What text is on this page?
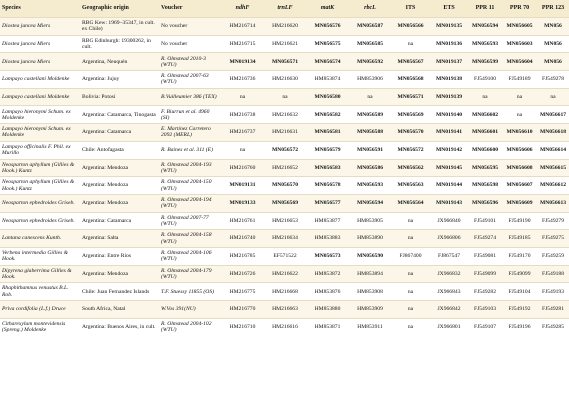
Species	Geographic origin	Voucher	ndhF	trnLF	matK	rbcL	ITS	ETS	PPR 11	PPR 70	PPR 123
Diostea juncea Miers	RBG Kew: 1969–35347, in cult. ex Chile)	No voucher	HM216714	HM216620	MN056576	MN056587	MN056566	MN019135	MN056594	MN056605	MN056
Diostea juncea Miers	RBG Edinburgh: 19300262, in cult.	No voucher	HM216715	HM216621	MN056575	MN056585	na	MN019136	MN056593	MN056603	MN056
Diostea juncea Miers	Argentina, Neuquén	R. Olmstead 2010-3 (WTU)	MN019134	MN056571	MN056574	MN056592	MN056567	MN019137	MN056599	MN056604	MN056
Lampayo castellani Moldenke	Argentina: Jujuy	R. Olmstead 2007-63 (WTU)	HM216736	HM216630	HM853874	HM853906	MN056568	MN019138	FJ549100	FJ549189	FJ549278
Lampayo castellani Moldenke	Bolivia: Potosí	B.Vuilleumier 386 (TEX)	na	na	MN056580	na	MN056571	MN019139	na	na	na
Lampayo hieronymi Schum. ex Moldenke	Argentina: Catamarca, Tinogasta	F. Biurrun et al. 4960 (SI)	HM216738	HM216632	MN056582	MN056589	MN056569	MN019140	MN056602	na	MN056617
Lampayo hieronymi Schum. ex Moldenke	Argentina: Catamarca	E. Martínez Carretero 2092 (MERL)	HM216737	HM216631	MN056581	MN056588	MN056570	MN019141	MN056601	MN056610	MN056618
Lampayo officinalis F. Phil. ex Murillo	Chile: Antofagasta	R. Baines et al. 311 (E)	na	MN056572	MN056579	MN056591	MN056572	MN019142	MN056600	MN056606	MN056614
Neosparton aphyllum (Gillies & Hook.) Kuntz	Argentina: Mendoza	R. Olmstead 2004-193 (WTU)	HM216760	HM216652	MN056583	MN056586	MN056562	MN019145	MN056595	MN056608	MN056615
Neosparton aphyllum (Gillies & Hook.) Kuntz	Argentina: Mendoza	R. Olmstead 2004-150 (WTU)	MN019131	MN056570	MN056578	MN056593	MN056563	MN019144	MN056598	MN056607	MN056612
Neosparton ephedroides Griseb.	Argentina: Mendoza	R. Olmstead 2004-194 (WTU)	MN019133	MN056569	MN056577	MN056594	MN056564	MN019143	MN056596	MN056609	MN056613
Neosparton ephedroides Griseb.	Argentina: Catamarca	R. Olmstead 2007-77 (WTU)	HM216761	HM216653	HM853877	HM853905	na	JX966840	FJ549101	FJ549190	FJ549279
Lantana canescens Kunth.	Argentina: Salta	R. Olmstead 2004-158 (WTU)	HM216740	HM216634	HM853883	HM853890	na	JX966806	FJ549274	FJ549185	FJ549275
Verbena intermedia Gillies & Hook.	Argentina: Entre Ríos	R. Olmstead 2004-106 (WTU)	HM216785	EF571522	MN056573	MN056590	FJ867400	FJ867547	FJ549081	FJ549170	FJ549259
Dipyrena glaberrima Gillies & Hook.	Argentina: Mendoza	R. Olmstead 2004-179 (WTU)	HM216726	HM216622	HM853872	HM853894	na	JX966832	FJ549099	FJ549099	FJ549188
Rhaphithamnus venustus B.L. Rob.	Chile: Juan Fernandez Islands	T.F. Stuessy 11855 (OS)	HM216775	HM216668	HM853876	HM853908	na	JX966843	FJ549282	FJ549104	FJ549193
Priva cordifolia (L.f.) Druce	South Africa, Natal	W.Vos 391(NU)	HM216770	HM216663	HM853880	HM853909	na	JX966842	FJ549103	FJ549192	FJ549281
Citharexylum montevidensis (Spreng.) Moldenke	Argentina: Buenos Aires, in cult.	R. Olmstead 2004-102 (WTU)	HM216710	HM216616	HM853871	HM853911	na	JX966801	FJ549107	FJ549196	FJ549285
